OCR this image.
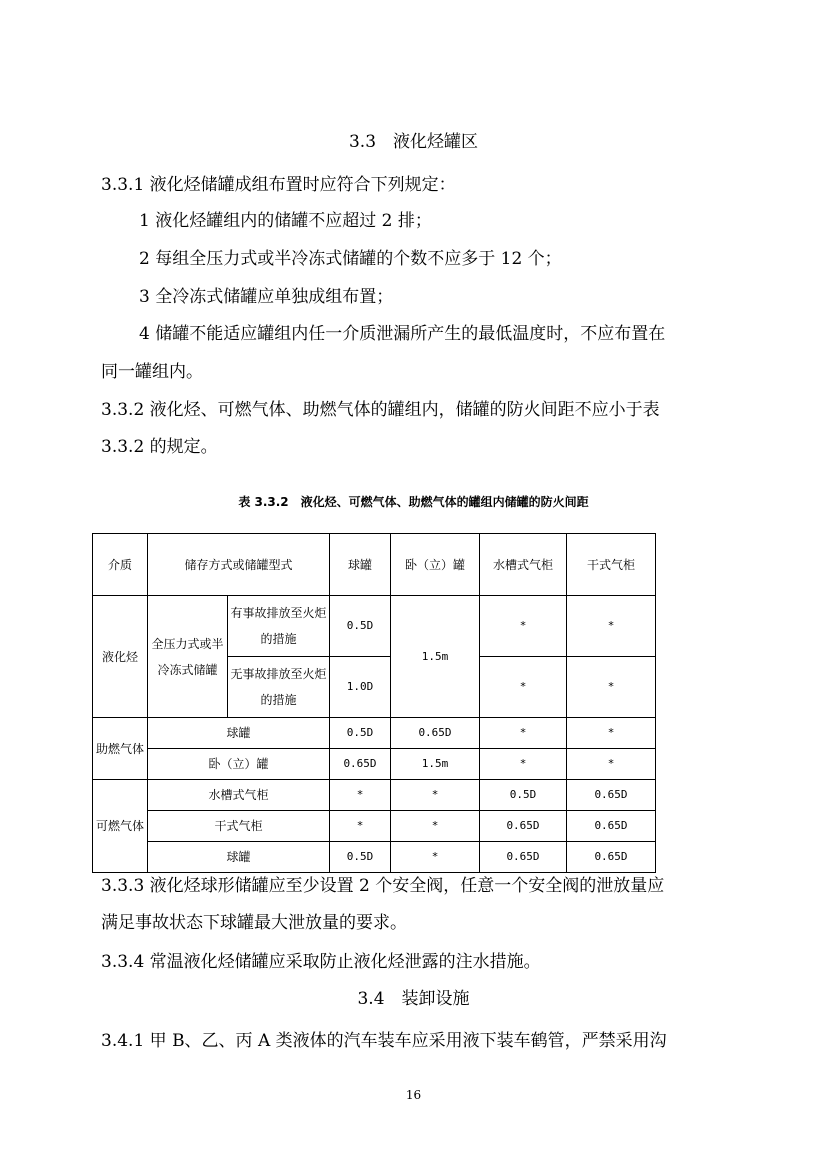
3.3　液化烃罐区
3.3.1 液化烃储罐成组布置时应符合下列规定：
1 液化烃罐组内的储罐不应超过 2 排；
2 每组全压力式或半冷冻式储罐的个数不应多于 12 个；
3 全冷冻式储罐应单独成组布置；
4 储罐不能适应罐组内任一介质泄漏所产生的最低温度时，不应布置在
同一罐组内。
3.3.2 液化烃、可燃气体、助燃气体的罐组内，储罐的防火间距不应小于表
3.3.2 的规定。
表 3.3.2　液化烃、可燃气体、助燃气体的罐组内储罐的防火间距
介质	储存方式或储罐型式		球罐	卧（立）罐	水槽式气柜	干式气柜
液化烃	全压力式或半冷冻式储罐	有事故排放至火炬的措施	0.5D	1.5m	*	*
		无事故排放至火炬的措施	1.0D		*	*
助燃气体	球罐		0.5D	0.65D	*	*
	卧（立）罐		0.65D	1.5m	*	*
可燃气体	水槽式气柜		*	*	0.5D	0.65D
	干式气柜		*	*	0.65D	0.65D
	球罐		0.5D	*	0.65D	0.65D
3.3.3 液化烃球形储罐应至少设置 2 个安全阀，任意一个安全阀的泄放量应
满足事故状态下球罐最大泄放量的要求。
3.3.4 常温液化烃储罐应采取防止液化烃泄露的注水措施。
3.4　装卸设施
3.4.1 甲 B、乙、丙 A 类液体的汽车装车应采用液下装车鹤管，严禁采用沟
16
